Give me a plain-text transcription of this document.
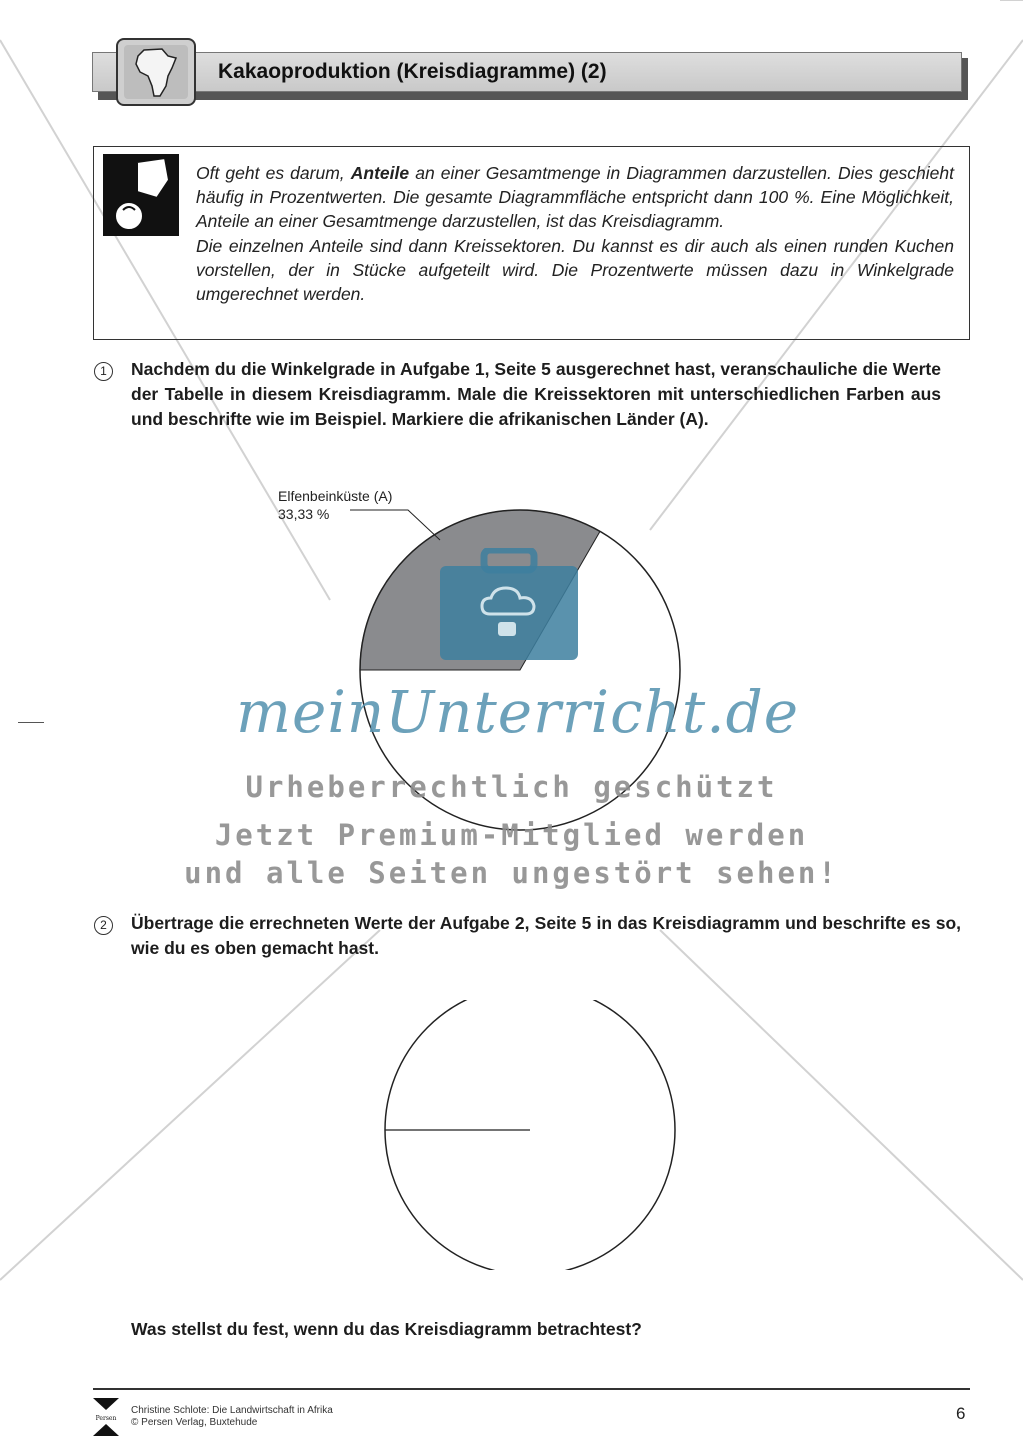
Kakaoproduktion (Kreisdiagramme) (2)
Oft geht es darum, Anteile an einer Gesamtmenge in Diagrammen darzustellen. Dies geschieht häufig in Prozentwerten. Die gesamte Diagrammfläche entspricht dann 100 %. Eine Möglichkeit, Anteile an einer Gesamtmenge darzustellen, ist das Kreisdiagramm.
Die einzelnen Anteile sind dann Kreissektoren. Du kannst es dir auch als einen runden Kuchen vorstellen, der in Stücke aufgeteilt wird. Die Prozentwerte müssen dazu in Winkelgrade umgerechnet werden.
1	Nachdem du die Winkelgrade in Aufgabe 1, Seite 5 ausgerechnet hast, veranschauliche die Werte der Tabelle in diesem Kreisdiagramm. Male die Kreissektoren mit unterschiedlichen Farben aus und beschrifte wie im Beispiel. Markiere die afrikanischen Länder (A).
Elfenbeinküste (A)
33,33 %
meinUnterricht.de
Urheberrechtlich geschützt
Jetzt Premium-Mitglied werden
und alle Seiten ungestört sehen!
2	Übertrage die errechneten Werte der Aufgabe 2, Seite 5 in das Kreisdiagramm und beschrifte es so, wie du es oben gemacht hast.
Was stellst du fest, wenn du das Kreisdiagramm betrachtest?
Persen
Christine Schlote: Die Landwirtschaft in Afrika
© Persen Verlag, Buxtehude	6
